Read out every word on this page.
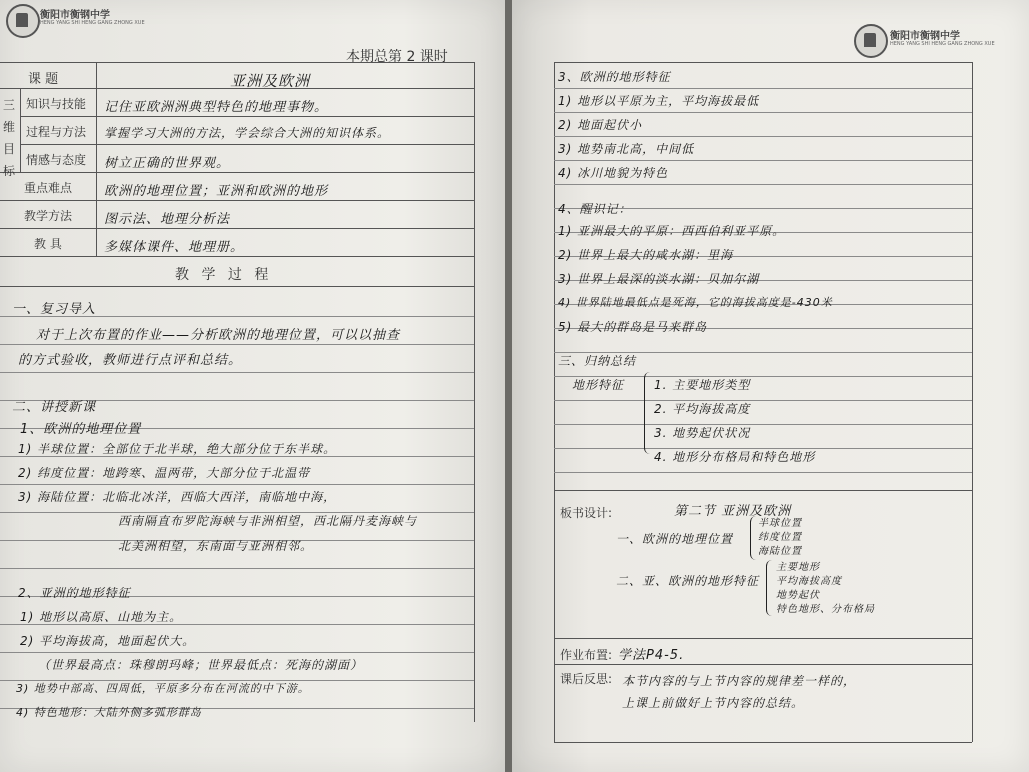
衡阳市衡钢中学
HENG YANG SHI HENG GANG ZHONG XUE
本期总第 2 课时
课 题	亚洲及欧洲
三维目标
知识与技能 记住亚欧洲洲典型特色的地理事物。
过程与方法 掌握学习大洲的方法，学会综合大洲的知识体系。
情感与态度 树立正确的世界观。
重点难点 欧洲的地理位置；亚洲和欧洲的地形
教学方法 图示法、地理分析法
教 具	多媒体课件、地理册。
教 学 过 程
一、复习导入
对于上次布置的作业——分析欧洲的地理位置，可以以抽查
的方式验收，教师进行点评和总结。
二、讲授新课
1、欧洲的地理位置
1) 半球位置：全部位于北半球，绝大部分位于东半球。
2) 纬度位置：地跨寒、温两带，大部分位于北温带
3) 海陆位置：北临北冰洋，西临大西洋，南临地中海，
西南隔直布罗陀海峡与非洲相望，西北隔丹麦海峡与
北美洲相望，东南面与亚洲相邻。
2、亚洲的地形特征
1) 地形以高原、山地为主。
2) 平均海拔高，地面起伏大。
（世界最高点：珠穆朗玛峰；世界最低点：死海的湖面）
3) 地势中部高、四周低，平原多分布在河流的中下游。
4) 特色地形：大陆外侧多弧形群岛
衡阳市衡钢中学
HENG YANG SHI HENG GANG ZHONG XUE
3、欧洲的地形特征
1) 地形以平原为主，平均海拔最低
2) 地面起伏小
3) 地势南北高，中间低
4) 冰川地貌为特色
4、醒识记：
1) 亚洲最大的平原：西西伯利亚平原。
2) 世界上最大的咸水湖：里海
3) 世界上最深的淡水湖：贝加尔湖
4) 世界陆地最低点是死海，它的海拔高度是-430米
5) 最大的群岛是马来群岛
三、归纳总结
地形特征 1. 主要地形类型
2. 平均海拔高度
3. 地势起伏状况
4. 地形分布格局和特色地形
板书设计:	第二节 亚洲及欧洲
一、欧洲的地理位置
半球位置
纬度位置
海陆位置
二、亚、欧洲的地形特征
主要地形
平均海拔高度
地势起伏
特色地形、分布格局
作业布置: 学法P4-5.
课后反思: 本节内容的与上节内容的规律差一样的，
上课上前做好上节内容的总结。
